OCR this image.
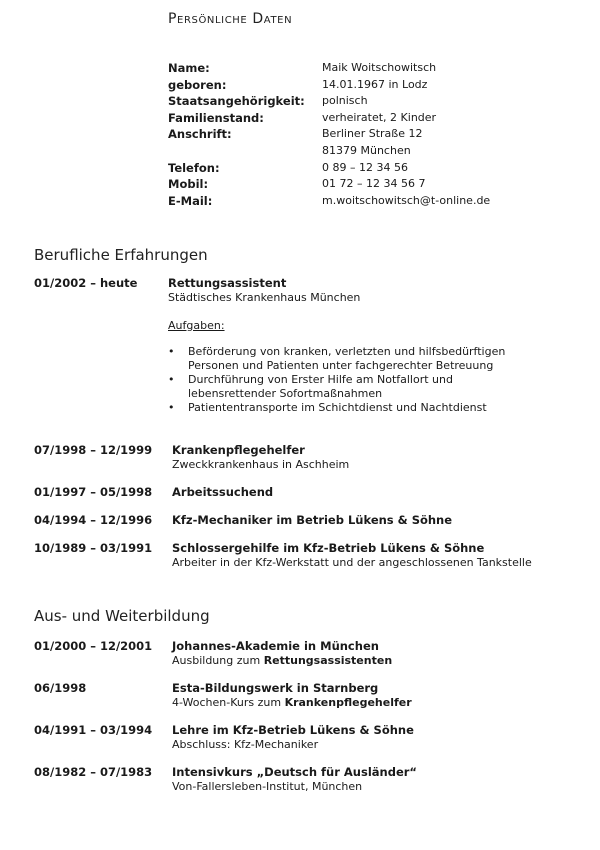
Persönliche Daten
Name:	Maik Woitschowitsch
geboren:	14.01.1967 in Lodz
Staatsangehörigkeit: polnisch
Familienstand:	verheiratet, 2 Kinder
Anschrift:	Berliner Straße 12
81379 München
Telefon:	0 89 – 12 34 56
Mobil:	01 72 – 12 34 56 7
E-Mail:	m.woitschowitsch@t-online.de
Berufliche Erfahrungen
01/2002 – heute	Rettungsassistent
Städtisches Krankenhaus München
Aufgaben:
• Beförderung von kranken, verletzten und hilfsbedürftigen
Personen und Patienten unter fachgerechter Betreuung
• Durchführung von Erster Hilfe am Notfallort und
lebensrettender Sofortmaßnahmen
• Patiententransporte im Schichtdienst und Nachtdienst
07/1998 – 12/1999 Krankenpflegehelfer
Zweckkrankenhaus in Aschheim
01/1997 – 05/1998 Arbeitssuchend
04/1994 – 12/1996 Kfz-Mechaniker im Betrieb Lükens & Söhne
10/1989 – 03/1991 Schlossergehilfe im Kfz-Betrieb Lükens & Söhne
Arbeiter in der Kfz-Werkstatt und der angeschlossenen Tankstelle
Aus- und Weiterbildung
01/2000 – 12/2001 Johannes-Akademie in München
Ausbildung zum Rettungsassistenten
06/1998	Esta-Bildungswerk in Starnberg
4-Wochen-Kurs zum Krankenpflegehelfer
04/1991 – 03/1994 Lehre im Kfz-Betrieb Lükens & Söhne
Abschluss: Kfz-Mechaniker
08/1982 – 07/1983 Intensivkurs „Deutsch für Ausländer“
Von-Fallersleben-Institut, München
